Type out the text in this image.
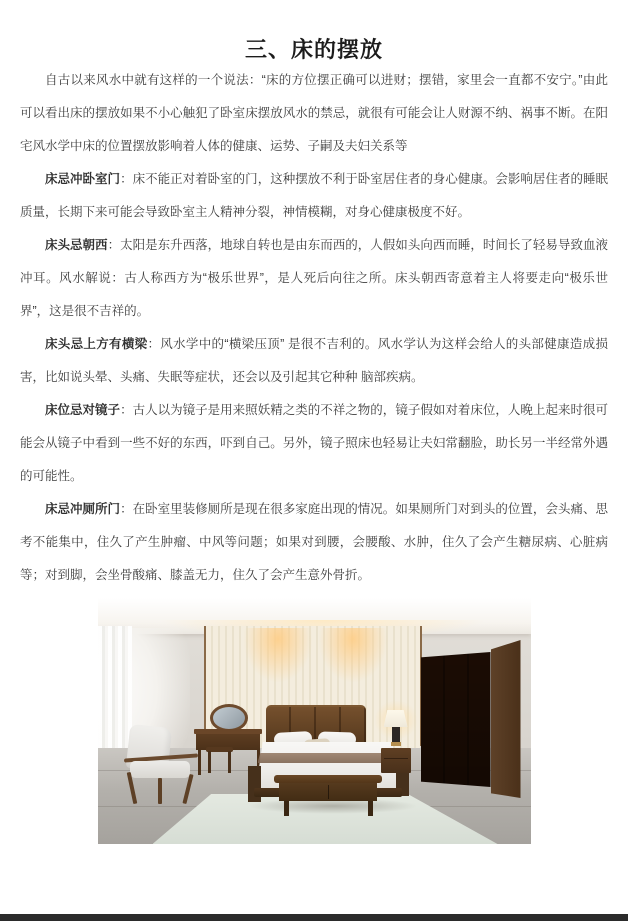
三、床的摆放

自古以来风水中就有这样的一个说法：“床的方位摆正确可以进财；摆错，家里会一直都不安宁。”由此可以看出床的摆放如果不小心触犯了卧室床摆放风水的禁忌，就很有可能会让人财源不纳、祸事不断。在阳宅风水学中床的位置摆放影响着人体的健康、运势、子嗣及夫妇关系等

床忌冲卧室门：床不能正对着卧室的门，这种摆放不利于卧室居住者的身心健康。会影响居住者的睡眠质量，长期下来可能会导致卧室主人精神分裂，神情模糊，对身心健康极度不好。

床头忌朝西：太阳是东升西落，地球自转也是由东而西的，人假如头向西而睡，时间长了轻易导致血液冲耳。风水解说：古人称西方为“极乐世界”，是人死后向往之所。床头朝西寄意着主人将要走向“极乐世界”，这是很不吉祥的。

床头忌上方有横梁：风水学中的“横梁压顶” 是很不吉利的。风水学认为这样会给人的头部健康造成损害，比如说头晕、头痛、失眠等症状，还会以及引起其它种种 脑部疾病。

床位忌对镜子：古人以为镜子是用来照妖精之类的不祥之物的，镜子假如对着床位，人晚上起来时很可能会从镜子中看到一些不好的东西，吓到自己。另外，镜子照床也轻易让夫妇常翻脸，助长另一半经常外遇的可能性。

床忌冲厕所门：在卧室里装修厕所是现在很多家庭出现的情况。如果厕所门对到头的位置，会头痛、思考不能集中，住久了产生肿瘤、中风等问题；如果对到腰，会腰酸、水肿，住久了会产生糖尿病、心脏病等；对到脚，会坐骨酸痛、膝盖无力，住久了会产生意外骨折。
